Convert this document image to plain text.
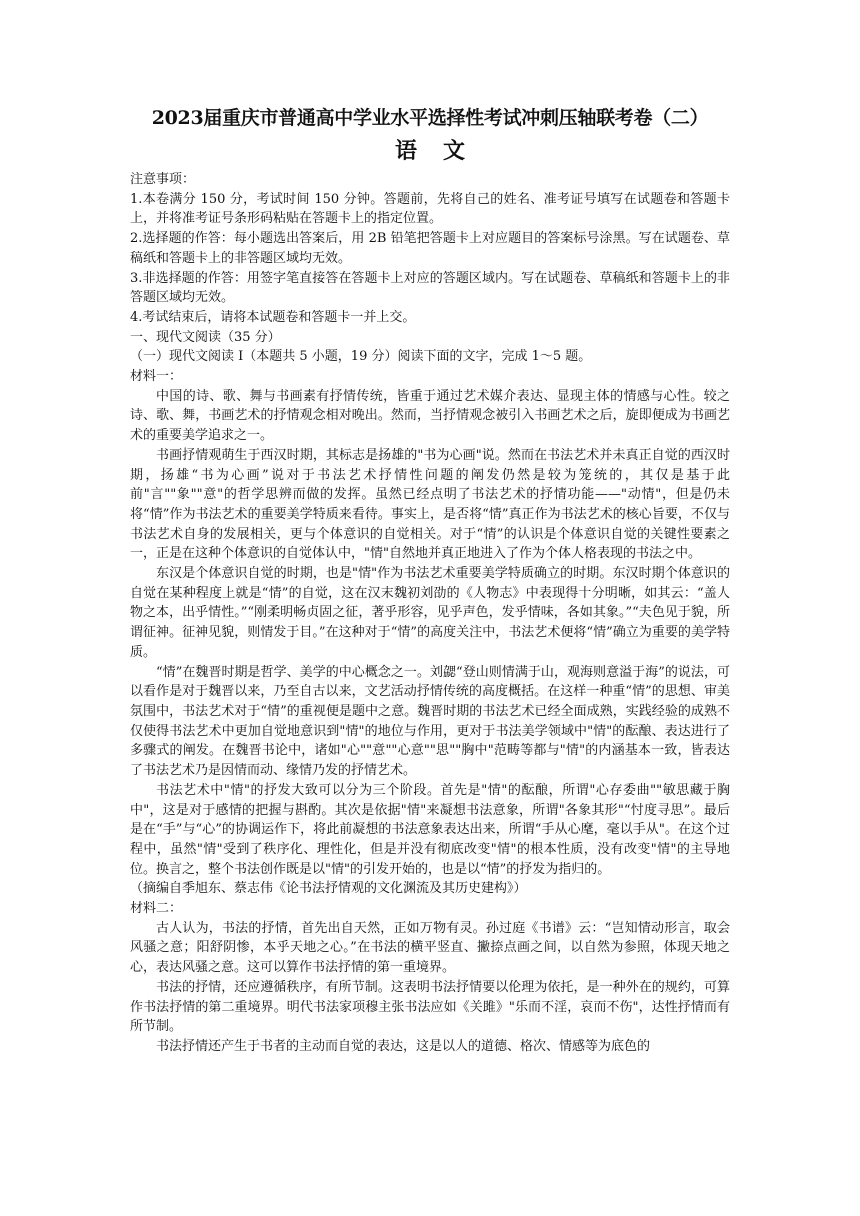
2023届重庆市普通高中学业水平选择性考试冲刺压轴联考卷（二）
语文

注意事项：

1.本卷满分 150 分，考试时间 150 分钟。答题前，先将自己的姓名、准考证号填写在试题卷和答题卡上，并将准考证号条形码粘贴在答题卡上的指定位置。

2.选择题的作答：每小题选出答案后，用 2B 铅笔把答题卡上对应题目的答案标号涂黑。写在试题卷、草稿纸和答题卡上的非答题区域均无效。

3.非选择题的作答：用签字笔直接答在答题卡上对应的答题区域内。写在试题卷、草稿纸和答题卡上的非答题区域均无效。

4.考试结束后，请将本试题卷和答题卡一并上交。

一、现代文阅读（35 分）

（一）现代文阅读 I（本题共 5 小题，19 分）阅读下面的文字，完成 1～5 题。

材料一：

中国的诗、歌、舞与书画素有抒情传统，皆重于通过艺术媒介表达、显现主体的情感与心性。较之诗、歌、舞，书画艺术的抒情观念相对晚出。然而，当抒情观念被引入书画艺术之后，旋即便成为书画艺术的重要美学追求之一。

书画抒情观萌生于西汉时期，其标志是扬雄的"书为心画"说。然而在书法艺术并未真正自觉的西汉时期，扬雄“书为心画”说对于书法艺术抒情性问题的阐发仍然是较为笼统的，其仅是基于此前"言""象""意"的哲学思辨而做的发挥。虽然已经点明了书法艺术的抒情功能——"动情"，但是仍未将“情”作为书法艺术的重要美学特质来看待。事实上，是否将“情”真正作为书法艺术的核心旨要，不仅与书法艺术自身的发展相关，更与个体意识的自觉相关。对于“情”的认识是个体意识自觉的关键性要素之一，正是在这种个体意识的自觉体认中，"情"自然地并真正地进入了作为个体人格表现的书法之中。

东汉是个体意识自觉的时期，也是"情"作为书法艺术重要美学特质确立的时期。东汉时期个体意识的自觉在某种程度上就是“情”的自觉，这在汉末魏初刘劭的《人物志》中表现得十分明晰，如其云：“盖人物之本，出乎情性。”“刚柔明畅贞固之征，著乎形容，见乎声色，发乎情味，各如其象。”“夫色见于貌，所谓征神。征神见貌，则情发于目。”在这种对于“情”的高度关注中，书法艺术便将“情”确立为重要的美学特质。

“情”在魏晋时期是哲学、美学的中心概念之一。刘勰“登山则情满于山，观海则意溢于海”的说法，可以看作是对于魏晋以来，乃至自古以来，文艺活动抒情传统的高度概括。在这样一种重“情”的思想、审美氛围中，书法艺术对于“情”的重视便是题中之意。魏晋时期的书法艺术已经全面成熟，实践经验的成熟不仅使得书法艺术中更加自觉地意识到"情"的地位与作用，更对于书法美学领域中"情"的酝酿、表达进行了多骤式的阐发。在魏晋书论中，诸如"心""意""心意""思""胸中"范畴等都与"情"的内涵基本一致，皆表达了书法艺术乃是因情而动、缘情乃发的抒情艺术。

书法艺术中"情"的抒发大致可以分为三个阶段。首先是"情"的酝酿，所谓"心存委曲""敏思藏于胸中"，这是对于感情的把握与斟酌。其次是依据"情"来凝想书法意象，所谓"各象其形"“忖度寻思”。最后是在“手”与“心”的协调运作下，将此前凝想的书法意象表达出来，所谓“手从心麾，毫以手从"。在这个过程中，虽然"情"受到了秩序化、理性化，但是并没有彻底改变"情"的根本性质，没有改变"情"的主导地位。换言之，整个书法创作既是以"情"的引发开始的，也是以“情”的抒发为指归的。

（摘编自季旭东、蔡志伟《论书法抒情观的文化渊流及其历史建构》）

材料二：

古人认为，书法的抒情，首先出自天然，正如万物有灵。孙过庭《书谱》云：“岂知情动形言，取会风骚之意；阳舒阴惨，本乎天地之心。”在书法的横平竖直、撇捺点画之间，以自然为参照，体现天地之心，表达风骚之意。这可以算作书法抒情的第一重境界。

书法的抒情，还应遵循秩序，有所节制。这表明书法抒情要以伦理为依托，是一种外在的规约，可算作书法抒情的第二重境界。明代书法家项穆主张书法应如《关雎》"乐而不淫，哀而不伤"，达性抒情而有所节制。

书法抒情还产生于书者的主动而自觉的表达，这是以人的道德、格次、情感等为底色的
